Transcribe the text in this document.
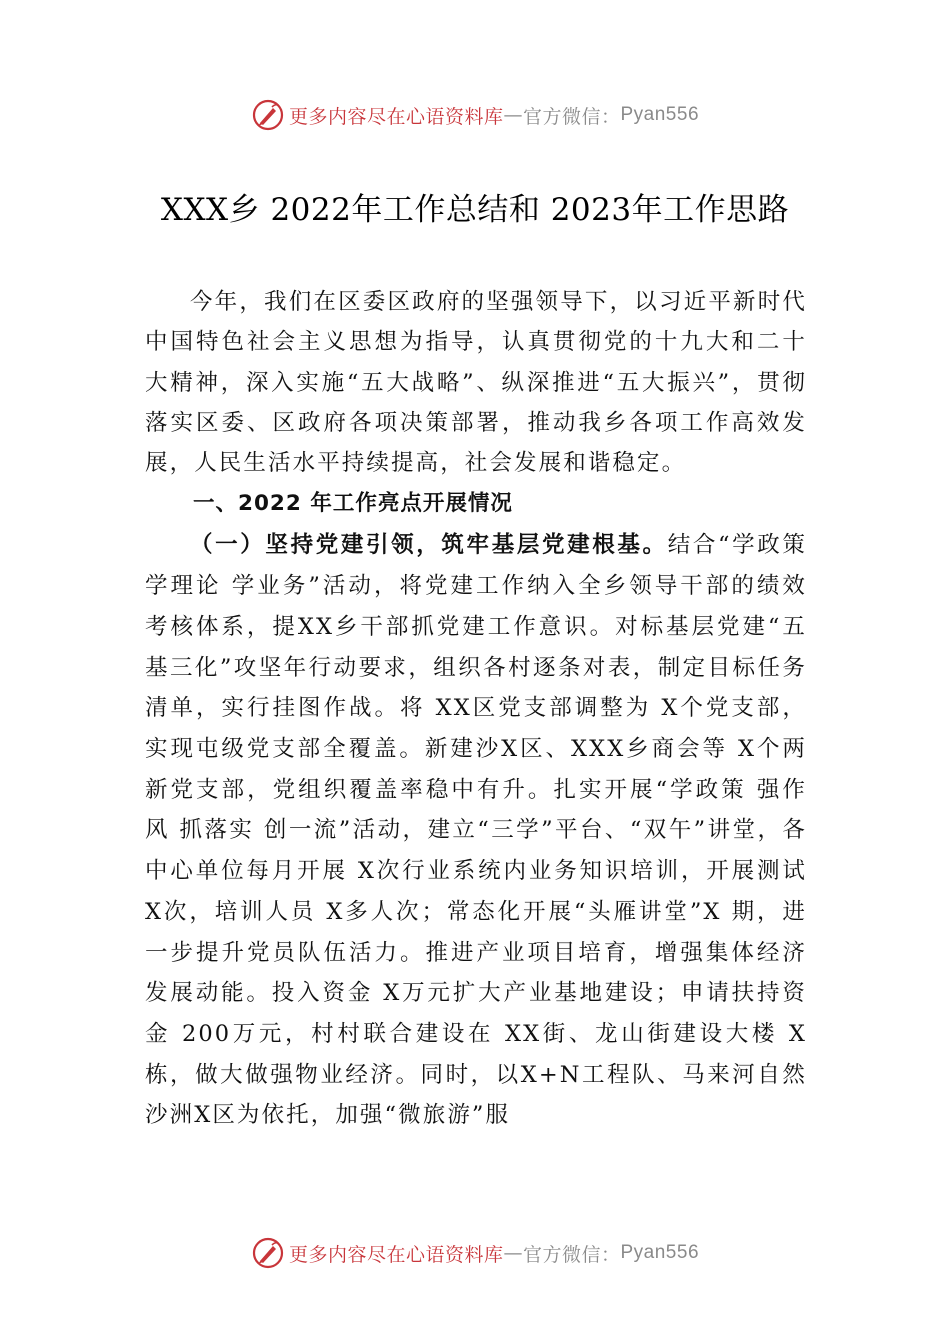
更多内容尽在心语资料库 — 官方微信： Pyan556
XXX乡 2022年工作总结和 2023年工作思路

今年，我们在区委区政府的坚强领导下，以习近平新时代中国特色社会主义思想为指导，认真贯彻党的十九大和二十大精神，深入实施“五大战略”、纵深推进“五大振兴”，贯彻落实区委、区政府各项决策部署，推动我乡各项工作高效发展，人民生活水平持续提高，社会发展和谐稳定。

一、2022 年工作亮点开展情况

（一）坚持党建引领，筑牢基层党建根基。结合“学政策 学理论 学业务”活动，将党建工作纳入全乡领导干部的绩效考核体系，提XX乡干部抓党建工作意识。对标基层党建“五基三化”攻坚年行动要求，组织各村逐条对表，制定目标任务清单，实行挂图作战。将 XX区党支部调整为 X个党支部，实现屯级党支部全覆盖。新建沙X区、XXX乡商会等 X个两新党支部，党组织覆盖率稳中有升。扎实开展“学政策 强作风 抓落实 创一流”活动，建立“三学”平台、“双午”讲堂，各中心单位每月开展 X次行业系统内业务知识培训，开展测试 X次，培训人员 X多人次；常态化开展“头雁讲堂”X 期，进一步提升党员队伍活力。推进产业项目培育，增强集体经济发展动能。投入资金 X万元扩大产业基地建设；申请扶持资金 200万元，村村联合建设在 XX街、龙山街建设大楼 X 栋，做大做强物业经济。同时，以X+N工程队、马来河自然沙洲X区为依托，加强“微旅游”服

更多内容尽在心语资料库 — 官方微信： Pyan556
